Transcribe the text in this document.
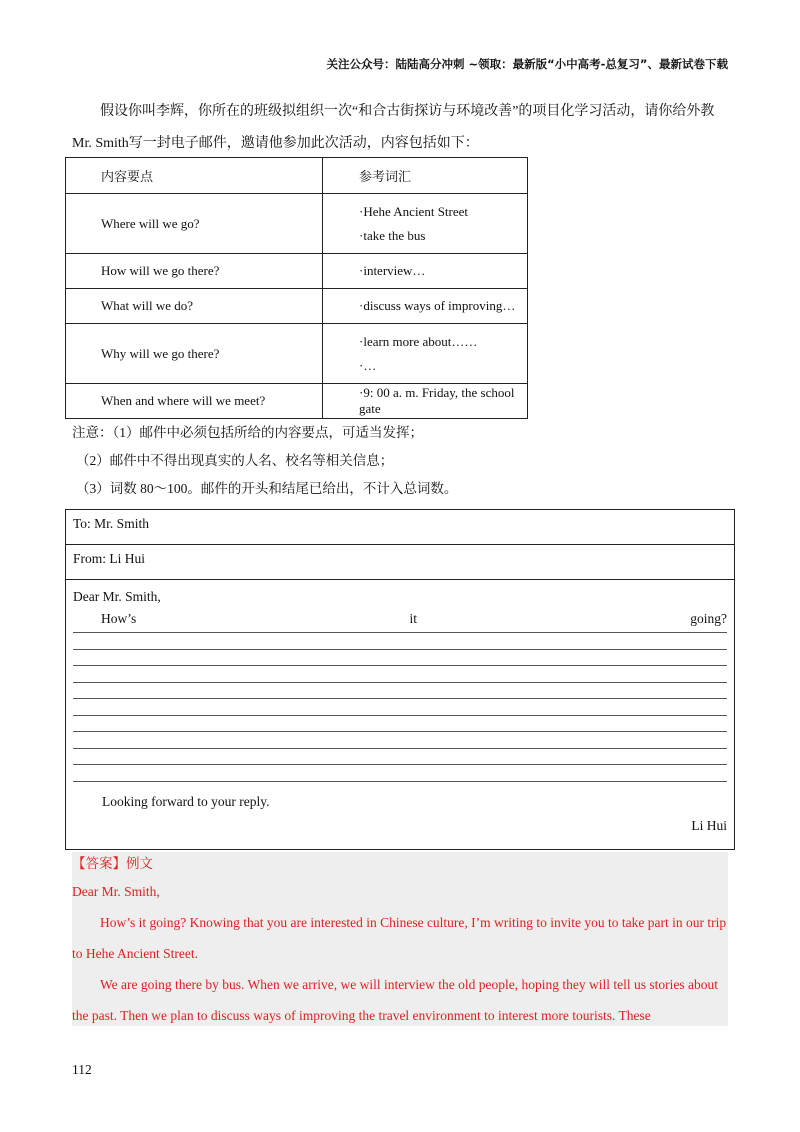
关注公众号：陆陆高分冲刺 ~领取：最新版“小中高考-总复习”、最新试卷下载
假设你叫李辉，你所在的班级拟组织一次“和合古街探访与环境改善”的项目化学习活动，请你给外教Mr. Smith写一封电子邮件，邀请他参加此次活动，内容包括如下：
内容要点	参考词汇
Where will we go?	·Hehe Ancient Street
·take the bus

How will we go there?	·interview…
What will we do?	·discuss ways of improving…
Why will we go there?	·learn more about……
·…

When and where will we meet?	·9: 00 a. m. Friday, the school gate
注意：（1）邮件中必须包括所给的内容要点，可适当发挥；
（2）邮件中不得出现真实的人名、校名等相关信息；
（3）词数 80～100。邮件的开头和结尾已给出，不计入总词数。
To: Mr. Smith
From: Li Hui
Dear Mr. Smith,
How’s	it	going?
Looking forward to your reply.
Li Hui
【答案】例文
Dear Mr. Smith,
How’s it going? Knowing that you are interested in Chinese culture, I’m writing to invite you to take part in our trip to Hehe Ancient Street.
We are going there by bus. When we arrive, we will interview the old people, hoping they will tell us stories about the past. Then we plan to discuss ways of improving the travel environment to interest more tourists. These
112
